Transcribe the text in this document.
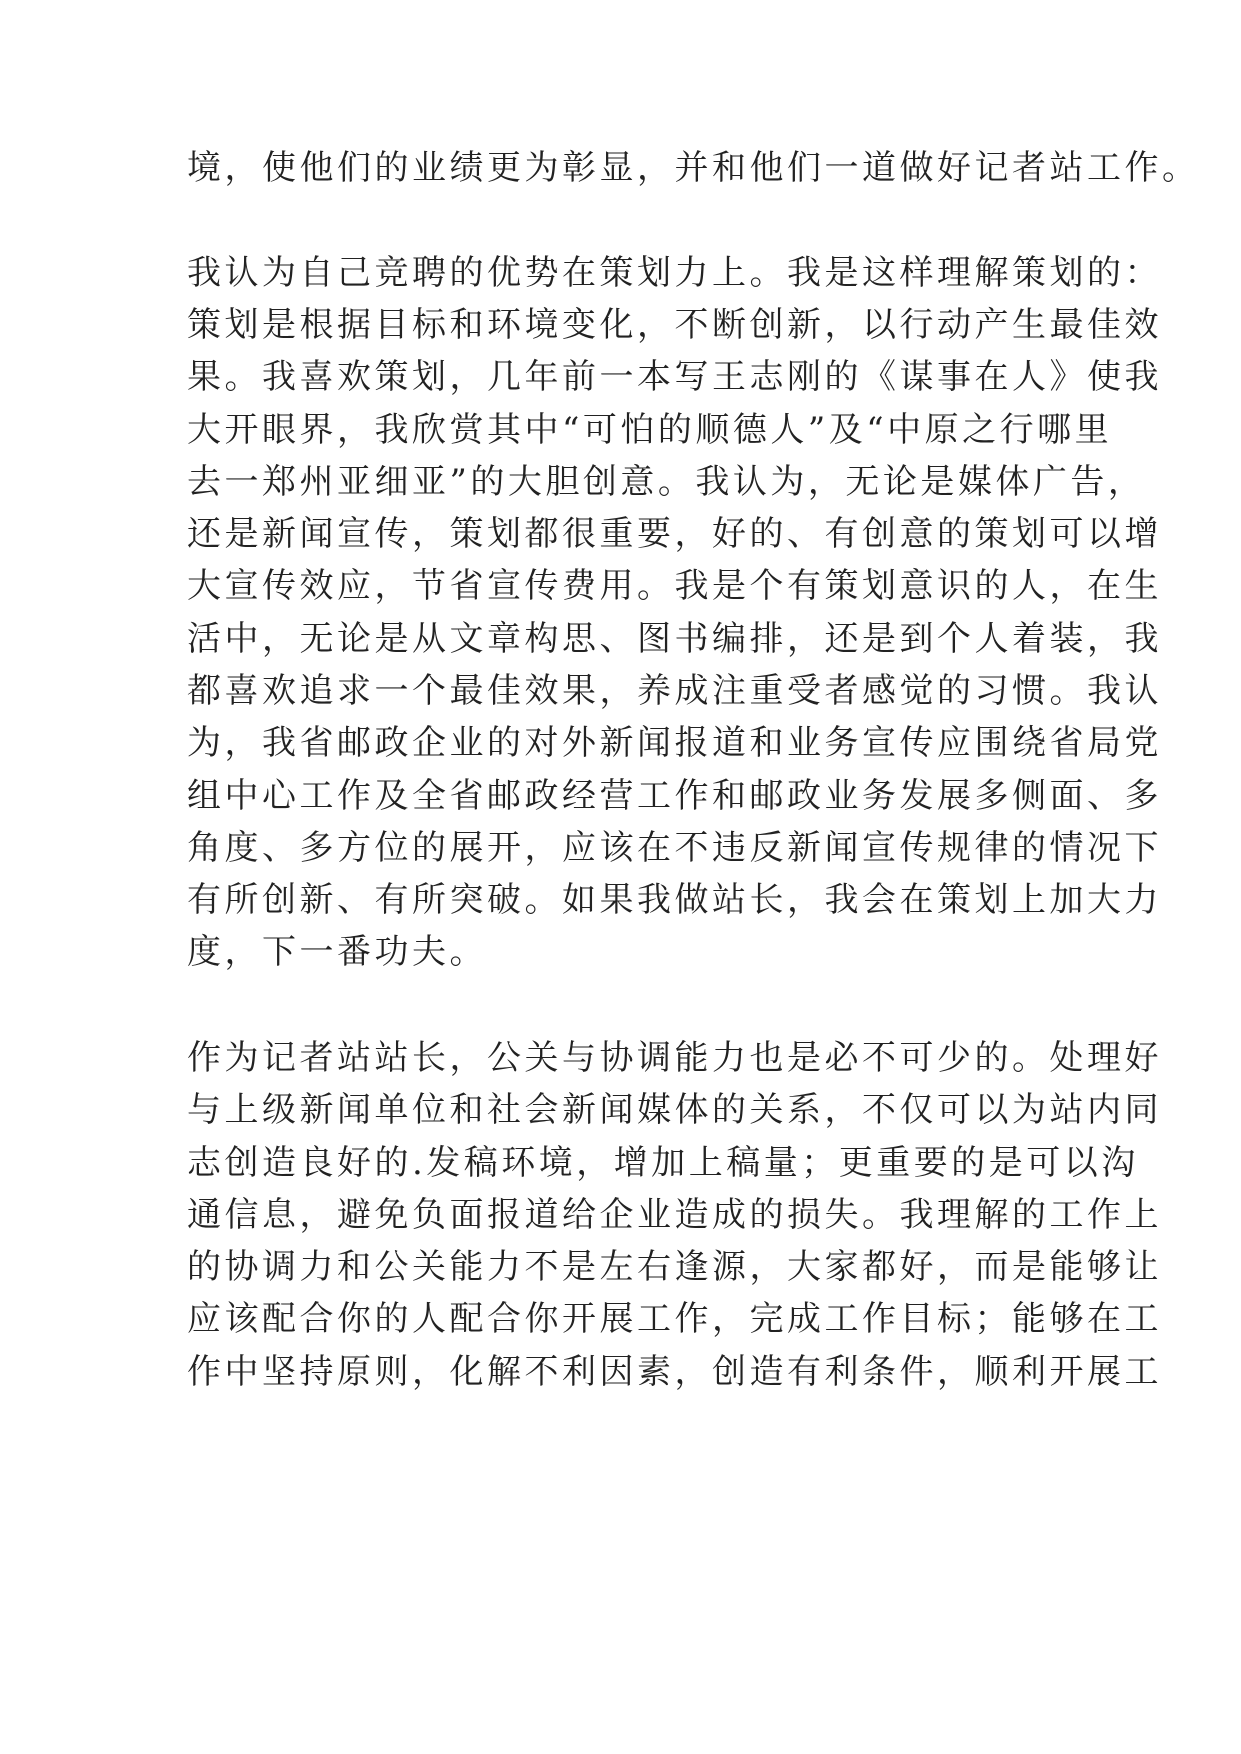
境，使他们的业绩更为彰显，并和他们一道做好记者站工作。
我认为自己竞聘的优势在策划力上。我是这样理解策划的：
策划是根据目标和环境变化，不断创新，以行动产生最佳效
果。我喜欢策划，几年前一本写王志刚的《谋事在人》使我
大开眼界，我欣赏其中“可怕的顺德人”及“中原之行哪里
去一郑州亚细亚”的大胆创意。我认为，无论是媒体广告，
还是新闻宣传，策划都很重要，好的、有创意的策划可以增
大宣传效应，节省宣传费用。我是个有策划意识的人，在生
活中，无论是从文章构思、图书编排，还是到个人着装，我
都喜欢追求一个最佳效果，养成注重受者感觉的习惯。我认
为，我省邮政企业的对外新闻报道和业务宣传应围绕省局党
组中心工作及全省邮政经营工作和邮政业务发展多侧面、多
角度、多方位的展开，应该在不违反新闻宣传规律的情况下
有所创新、有所突破。如果我做站长，我会在策划上加大力
度，下一番功夫。
作为记者站站长，公关与协调能力也是必不可少的。处理好
与上级新闻单位和社会新闻媒体的关系，不仅可以为站内同
志创造良好的.发稿环境，增加上稿量；更重要的是可以沟
通信息，避免负面报道给企业造成的损失。我理解的工作上
的协调力和公关能力不是左右逢源，大家都好，而是能够让
应该配合你的人配合你开展工作，完成工作目标；能够在工
作中坚持原则，化解不利因素，创造有利条件，顺利开展工
